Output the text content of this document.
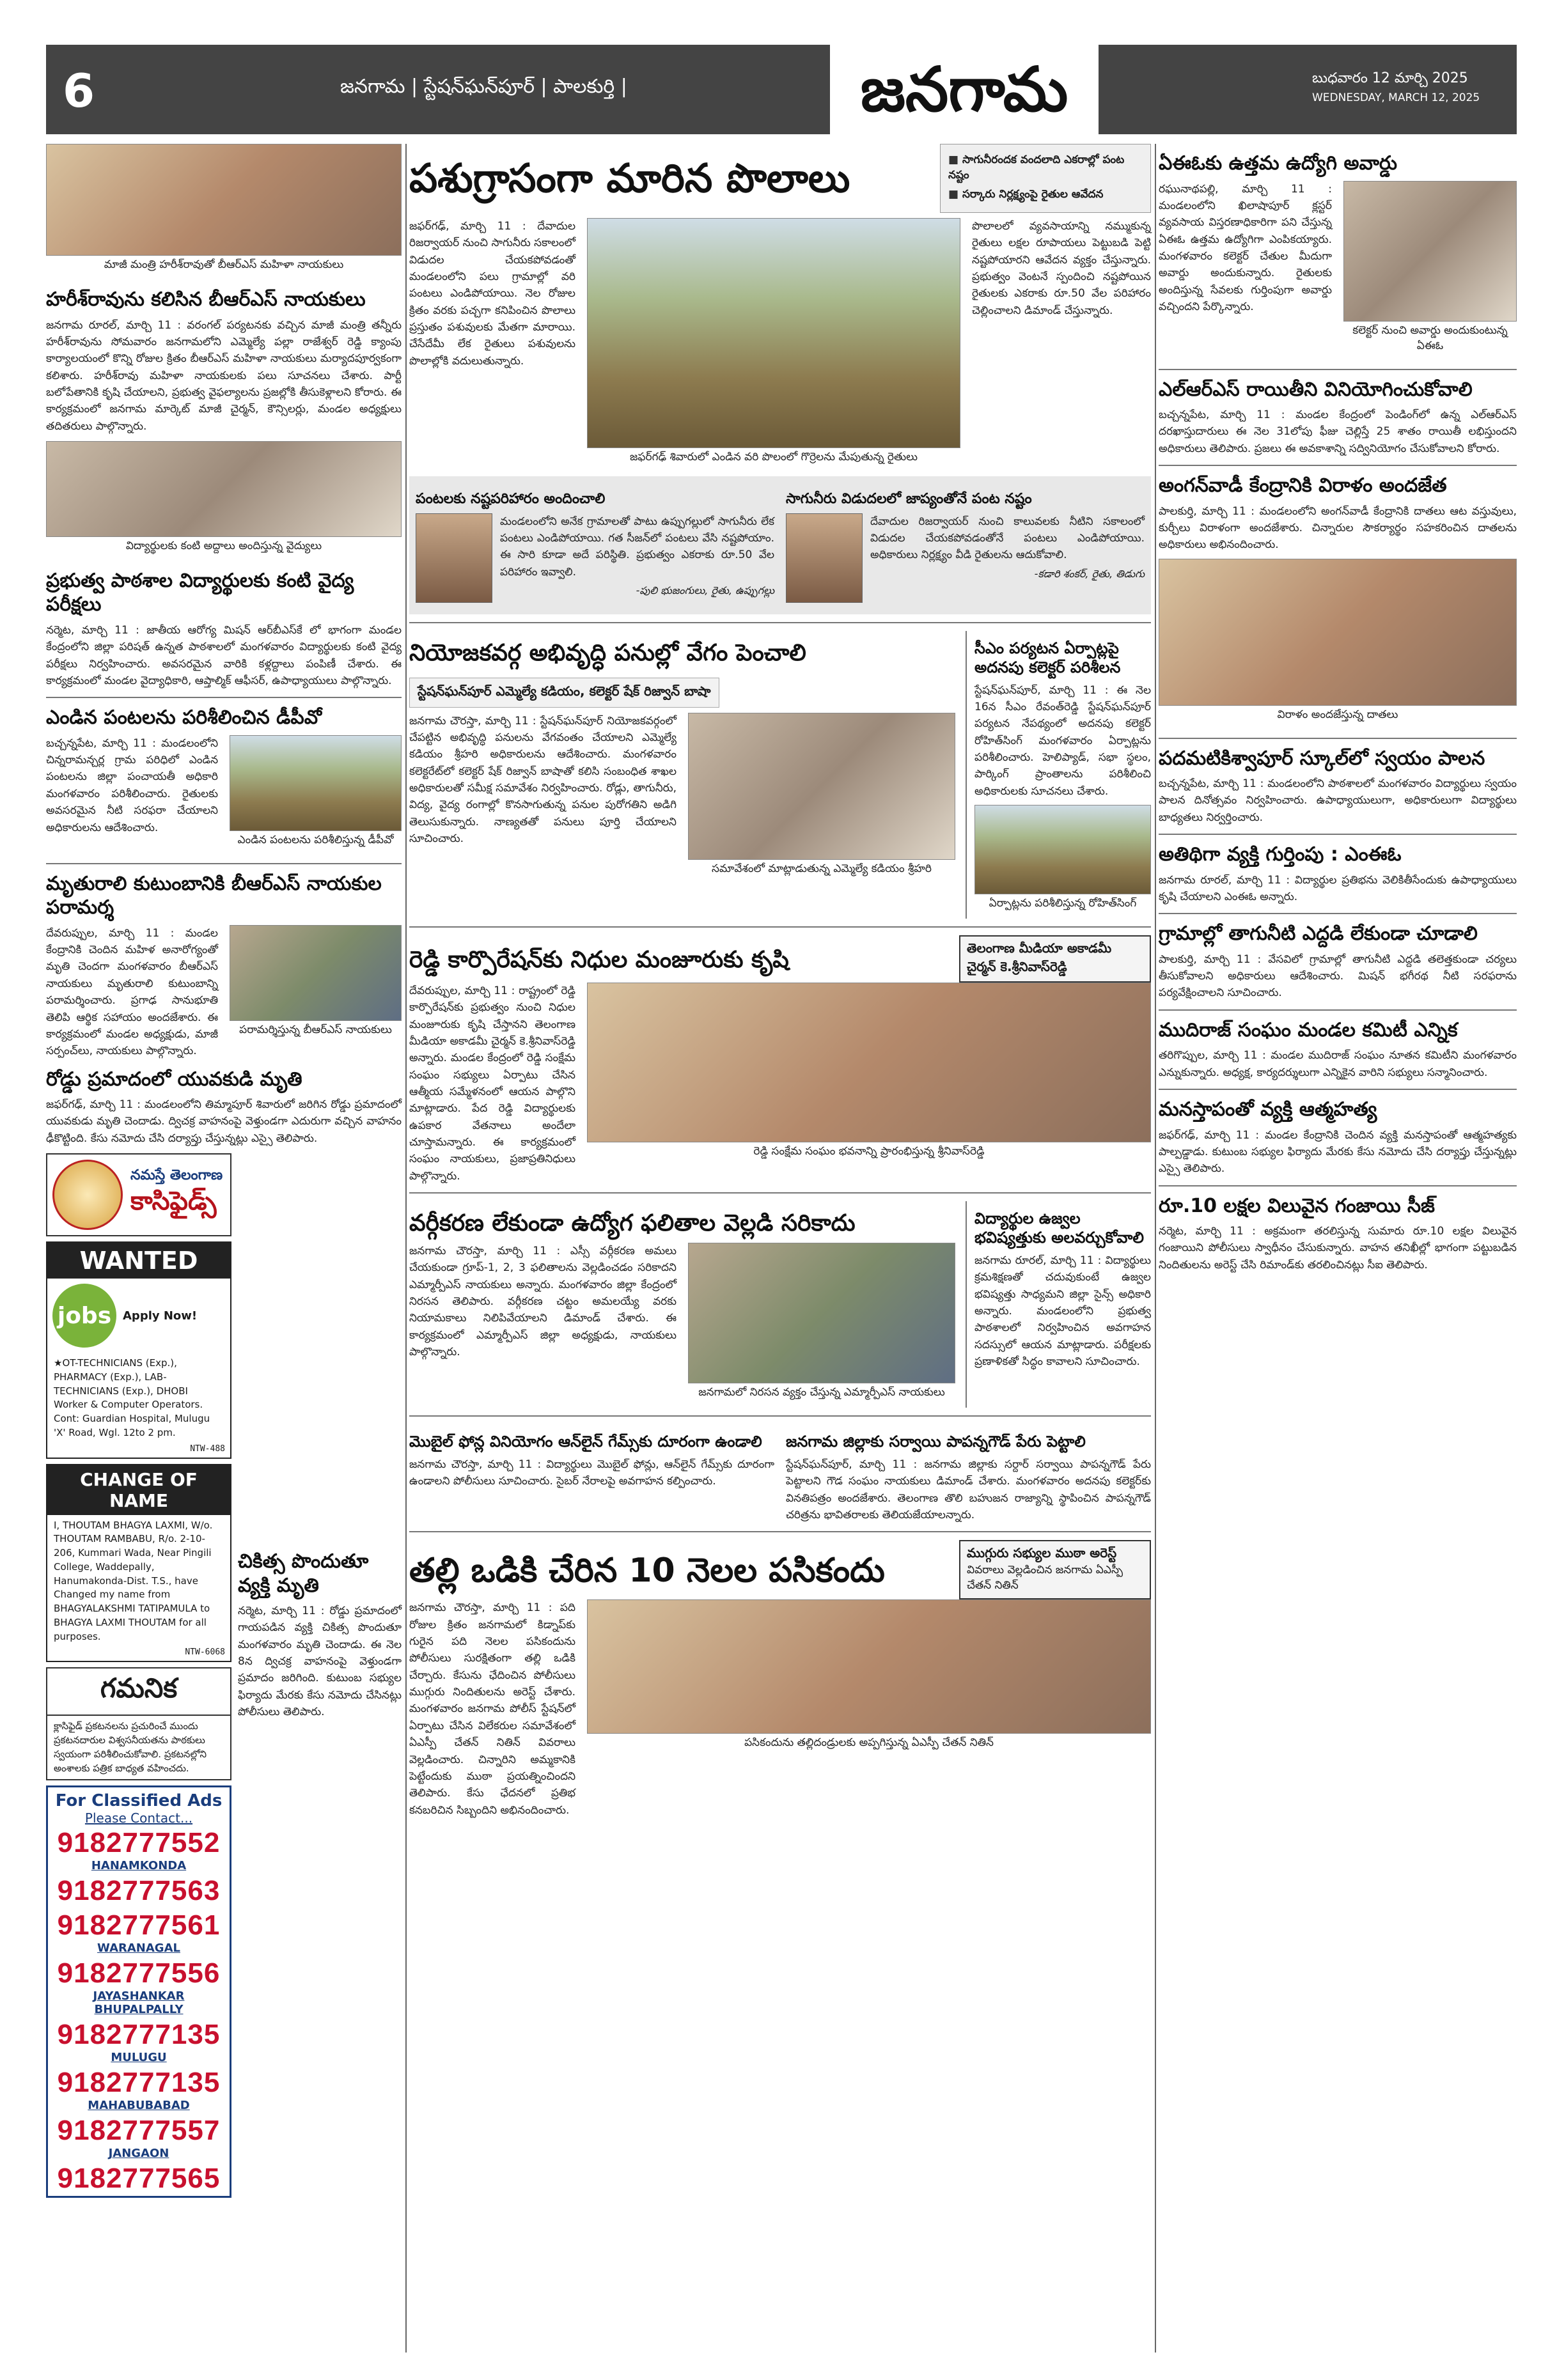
6	జనగామ | స్టేషన్‌ఘన్‌పూర్ | పాలకుర్తి |	జనగామ	బుధవారం 12 మార్చి 2025
WEDNESDAY, MARCH 12, 2025
మాజీ మంత్రి హరీశ్‌రావుతో బీఆర్‌ఎస్ మహిళా నాయకులు
హరీశ్‌రావును కలిసిన బీఆర్‌ఎస్ నాయకులు
జనగామ రూరల్, మార్చి 11 : వరంగల్ పర్యటనకు వచ్చిన మాజీ మంత్రి తన్నీరు హరీశ్‌రావును సోమవారం జనగామలోని ఎమ్మెల్యే పల్లా రాజేశ్వర్ రెడ్డి క్యాంపు కార్యాలయంలో కొన్ని రోజుల క్రితం బీఆర్‌ఎస్ మహిళా నాయకులు మర్యాదపూర్వకంగా కలిశారు. హరీశ్‌రావు మహిళా నాయకులకు పలు సూచనలు చేశారు. పార్టీ బలోపేతానికి కృషి చేయాలని, ప్రభుత్వ వైఫల్యాలను ప్రజల్లోకి తీసుకెళ్లాలని కోరారు. ఈ కార్యక్రమంలో జనగామ మార్కెట్ మాజీ చైర్మన్, కౌన్సిలర్లు, మండల అధ్యక్షులు తదితరులు పాల్గొన్నారు.
విద్యార్థులకు కంటి అద్దాలు అందిస్తున్న వైద్యులు
ప్రభుత్వ పాఠశాల విద్యార్థులకు కంటి వైద్య పరీక్షలు
నర్మెట, మార్చి 11 : జాతీయ ఆరోగ్య మిషన్ ఆర్‌బీఎస్‌కే లో భాగంగా మండల కేంద్రంలోని జిల్లా పరిషత్ ఉన్నత పాఠశాలలో మంగళవారం విద్యార్థులకు కంటి వైద్య పరీక్షలు నిర్వహించారు. అవసరమైన వారికి కళ్లద్దాలు పంపిణీ చేశారు. ఈ కార్యక్రమంలో మండల వైద్యాధికారి, ఆప్తాల్మిక్ ఆఫీసర్, ఉపాధ్యాయులు పాల్గొన్నారు.
ఎండిన పంటలను పరిశీలించిన డీపీవో
బచ్చన్నపేట, మార్చి 11 : మండలంలోని చిన్నరామన్చర్ల గ్రామ పరిధిలో ఎండిన పంటలను జిల్లా పంచాయతీ అధికారి మంగళవారం పరిశీలించారు. రైతులకు అవసరమైన నీటి సరఫరా చేయాలని అధికారులను ఆదేశించారు.
ఎండిన పంటలను పరిశీలిస్తున్న డీపీవో
మృతురాలి కుటుంబానికి బీఆర్‌ఎస్ నాయకుల పరామర్శ
దేవరుప్పుల, మార్చి 11 : మండల కేంద్రానికి చెందిన మహిళ అనారోగ్యంతో మృతి చెందగా మంగళవారం బీఆర్‌ఎస్ నాయకులు మృతురాలి కుటుంబాన్ని పరామర్శించారు. ప్రగాఢ సానుభూతి తెలిపి ఆర్థిక సహాయం అందజేశారు. ఈ కార్యక్రమంలో మండల అధ్యక్షుడు, మాజీ సర్పంచ్‌లు, నాయకులు పాల్గొన్నారు.
పరామర్శిస్తున్న బీఆర్‌ఎస్ నాయకులు
రోడ్డు ప్రమాదంలో యువకుడి మృతి
జఫర్‌గఢ్, మార్చి 11 : మండలంలోని తిమ్మాపూర్ శివారులో జరిగిన రోడ్డు ప్రమాదంలో యువకుడు మృతి చెందాడు. ద్విచక్ర వాహనంపై వెళ్తుండగా ఎదురుగా వచ్చిన వాహనం ఢీకొట్టింది. కేసు నమోదు చేసి దర్యాప్తు చేస్తున్నట్లు ఎస్సై తెలిపారు.
నమస్తే తెలంగాణ
కాసిఫైడ్స్
WANTED
jobs Apply Now!
★OT-TECHNICIANS (Exp.), PHARMACY (Exp.), LAB-TECHNICIANS (Exp.), DHOBI Worker & Computer Operators. Cont: Guardian Hospital, Mulugu 'X' Road, Wgl. 12to 2 pm.
NTW-488
CHANGE OF NAME
I, THOUTAM BHAGYA LAXMI, W/o. THOUTAM RAMBABU, R/o. 2-10-206, Kummari Wada, Near Pingili College, Waddepally, Hanumakonda-Dist. T.S., have Changed my name from BHAGYALAKSHMI TATIPAMULA to BHAGYA LAXMI THOUTAM for all purposes.
NTW-6068
గమనిక
క్లాసిఫైడ్ ప్రకటనలను ప్రచురించే ముందు ప్రకటనదారుల విశ్వసనీయతను పాఠకులు స్వయంగా పరిశీలించుకోవాలి. ప్రకటనల్లోని అంశాలకు పత్రిక బాధ్యత వహించదు.
For Classified Ads
Please Contact...
9182777552
HANAMKONDA
9182777563
9182777561
WARANAGAL
9182777556
JAYASHANKAR BHUPALPALLY
9182777135
MULUGU
9182777135
MAHABUBABAD
9182777557
JANGAON
9182777565
చికిత్స పొందుతూ వ్యక్తి మృతి
నర్మెట, మార్చి 11 : రోడ్డు ప్రమాదంలో గాయపడిన వ్యక్తి చికిత్స పొందుతూ మంగళవారం మృతి చెందాడు. ఈ నెల 8న ద్విచక్ర వాహనంపై వెళ్తుండగా ప్రమాదం జరిగింది. కుటుంబ సభ్యుల ఫిర్యాదు మేరకు కేసు నమోదు చేసినట్లు పోలీసులు తెలిపారు.
పశుగ్రాసంగా మారిన పొలాలు
■	సాగునీరందక వందలాది ఎకరాల్లో పంట నష్టం
■ సర్కారు నిర్లక్ష్యంపై రైతుల ఆవేదన
జఫర్‌గఢ్, మార్చి 11 : దేవాదుల రిజర్వాయర్ నుంచి సాగునీరు సకాలంలో విడుదల చేయకపోవడంతో మండలంలోని పలు గ్రామాల్లో వరి పంటలు ఎండిపోయాయి. నెల రోజుల క్రితం వరకు పచ్చగా కనిపించిన పొలాలు ప్రస్తుతం పశువులకు మేతగా మారాయి. చేసేదేమీ లేక రైతులు పశువులను పొలాల్లోకి వదులుతున్నారు.
జఫర్‌గఢ్ శివారులో ఎండిన వరి పొలంలో గొర్రెలను మేపుతున్న రైతులు
పొలాలలో వ్యవసాయాన్ని నమ్ముకున్న రైతులు లక్షల రూపాయలు పెట్టుబడి పెట్టి నష్టపోయారని ఆవేదన వ్యక్తం చేస్తున్నారు. ప్రభుత్వం వెంటనే స్పందించి నష్టపోయిన రైతులకు ఎకరాకు రూ.50 వేల పరిహారం చెల్లించాలని డిమాండ్ చేస్తున్నారు.
పంటలకు నష్టపరిహారం అందించాలి
మండలంలోని అనేక గ్రామాలతో పాటు ఉప్పుగల్లులో సాగునీరు లేక పంటలు ఎండిపోయాయి. గత సీజన్‌లో పంటలు వేసి నష్టపోయాం. ఈ సారి కూడా అదే పరిస్థితి. ప్రభుత్వం ఎకరాకు రూ.50 వేల పరిహారం ఇవ్వాలి.
-పులి భుజంగులు, రైతు, ఉప్పుగల్లు
సాగునీరు విడుదలలో జాప్యంతోనే పంట నష్టం
దేవాదుల రిజర్వాయర్ నుంచి కాలువలకు నీటిని సకాలంలో విడుదల చేయకపోవడంతోనే పంటలు ఎండిపోయాయి. అధికారులు నిర్లక్ష్యం వీడి రైతులను ఆదుకోవాలి.
-కడారి శంకర్, రైతు, తిడుగు
నియోజకవర్గ అభివృద్ధి పనుల్లో వేగం పెంచాలి
స్టేషన్‌ఘన్‌పూర్ ఎమ్మెల్యే కడియం, కలెక్టర్ షేక్ రిజ్వాన్ బాషా
జనగామ చౌరస్తా, మార్చి 11 : స్టేషన్‌ఘన్‌పూర్ నియోజకవర్గంలో చేపట్టిన అభివృద్ధి పనులను వేగవంతం చేయాలని ఎమ్మెల్యే కడియం శ్రీహరి అధికారులను ఆదేశించారు. మంగళవారం కలెక్టరేట్‌లో కలెక్టర్ షేక్ రిజ్వాన్ బాషాతో కలిసి సంబంధిత శాఖల అధికారులతో సమీక్ష సమావేశం నిర్వహించారు. రోడ్లు, తాగునీరు, విద్య, వైద్య రంగాల్లో కొనసాగుతున్న పనుల పురోగతిని అడిగి తెలుసుకున్నారు. నాణ్యతతో పనులు పూర్తి చేయాలని సూచించారు.
సమావేశంలో మాట్లాడుతున్న ఎమ్మెల్యే కడియం శ్రీహరి
సీఎం పర్యటన ఏర్పాట్లపై అదనపు కలెక్టర్ పరిశీలన
స్టేషన్‌ఘన్‌పూర్, మార్చి 11 : ఈ నెల 16న సీఎం రేవంత్‌రెడ్డి స్టేషన్‌ఘన్‌పూర్ పర్యటన నేపథ్యంలో అదనపు కలెక్టర్ రోహిత్‌సింగ్ మంగళవారం ఏర్పాట్లను పరిశీలించారు. హెలిప్యాడ్, సభా స్థలం, పార్కింగ్ ప్రాంతాలను పరిశీలించి అధికారులకు సూచనలు చేశారు.
ఏర్పాట్లను పరిశీలిస్తున్న రోహిత్‌సింగ్
రెడ్డి కార్పొరేషన్‌కు నిధుల మంజూరుకు కృషి	తెలంగాణ మీడియా అకాడమీ చైర్మన్ కె.శ్రీనివాస్‌రెడ్డి
దేవరుప్పుల, మార్చి 11 : రాష్ట్రంలో రెడ్డి కార్పొరేషన్‌కు ప్రభుత్వం నుంచి నిధుల మంజూరుకు కృషి చేస్తానని తెలంగాణ మీడియా అకాడమీ చైర్మన్ కె.శ్రీనివాస్‌రెడ్డి అన్నారు. మండల కేంద్రంలో రెడ్డి సంక్షేమ సంఘం సభ్యులు ఏర్పాటు చేసిన ఆత్మీయ సమ్మేళనంలో ఆయన పాల్గొని మాట్లాడారు. పేద రెడ్డి విద్యార్థులకు ఉపకార వేతనాలు అందేలా చూస్తామన్నారు. ఈ కార్యక్రమంలో సంఘం నాయకులు, ప్రజాప్రతినిధులు పాల్గొన్నారు.
రెడ్డి సంక్షేమ సంఘం భవనాన్ని ప్రారంభిస్తున్న శ్రీనివాస్‌రెడ్డి
వర్గీకరణ లేకుండా ఉద్యోగ ఫలితాల వెల్లడి సరికాదు
జనగామ చౌరస్తా, మార్చి 11 : ఎస్సీ వర్గీకరణ అమలు చేయకుండా గ్రూప్-1, 2, 3 ఫలితాలను వెల్లడించడం సరికాదని ఎమ్మార్పీఎస్ నాయకులు అన్నారు. మంగళవారం జిల్లా కేంద్రంలో నిరసన తెలిపారు. వర్గీకరణ చట్టం అమలయ్యే వరకు నియామకాలు నిలిపివేయాలని డిమాండ్ చేశారు. ఈ కార్యక్రమంలో ఎమ్మార్పీఎస్ జిల్లా అధ్యక్షుడు, నాయకులు పాల్గొన్నారు.
జనగామలో నిరసన వ్యక్తం చేస్తున్న ఎమ్మార్పీఎస్ నాయకులు
విద్యార్థుల ఉజ్వల భవిష్యత్తుకు అలవర్చుకోవాలి
జనగామ రూరల్, మార్చి 11 : విద్యార్థులు క్రమశిక్షణతో చదువుకుంటే ఉజ్వల భవిష్యత్తు సాధ్యమని జిల్లా సైన్స్ అధికారి అన్నారు. మండలంలోని ప్రభుత్వ పాఠశాలలో నిర్వహించిన అవగాహన సదస్సులో ఆయన మాట్లాడారు. పరీక్షలకు ప్రణాళికతో సిద్ధం కావాలని సూచించారు.
మొబైల్ ఫోన్ల వినియోగం ఆన్‌లైన్ గేమ్స్‌కు దూరంగా ఉండాలి
జనగామ చౌరస్తా, మార్చి 11 : విద్యార్థులు మొబైల్ ఫోన్లు, ఆన్‌లైన్ గేమ్స్‌కు దూరంగా ఉండాలని పోలీసులు సూచించారు. సైబర్ నేరాలపై అవగాహన కల్పించారు.
జనగామ జిల్లాకు సర్వాయి పాపన్నగౌడ్ పేరు పెట్టాలి
స్టేషన్‌ఘన్‌పూర్, మార్చి 11 : జనగామ జిల్లాకు సర్దార్ సర్వాయి పాపన్నగౌడ్ పేరు పెట్టాలని గౌడ సంఘం నాయకులు డిమాండ్ చేశారు. మంగళవారం అదనపు కలెక్టర్‌కు వినతిపత్రం అందజేశారు. తెలంగాణ తొలి బహుజన రాజ్యాన్ని స్థాపించిన పాపన్నగౌడ్ చరిత్రను భావితరాలకు తెలియజేయాలన్నారు.
తల్లి ఒడికి చేరిన 10 నెలల పసికందు	ముగ్గురు సభ్యుల ముఠా అరెస్ట్
వివరాలు వెల్లడించిన జనగామ ఏఎస్పీ చేతన్ నితిన్
జనగామ చౌరస్తా, మార్చి 11 : పది రోజుల క్రితం జనగామలో కిడ్నాప్‌కు గురైన పది నెలల పసికందును పోలీసులు సురక్షితంగా తల్లి ఒడికి చేర్చారు. కేసును ఛేదించిన పోలీసులు ముగ్గురు నిందితులను అరెస్ట్ చేశారు. మంగళవారం జనగామ పోలీస్ స్టేషన్‌లో ఏర్పాటు చేసిన విలేకరుల సమావేశంలో ఏఎస్పీ చేతన్ నితిన్ వివరాలు వెల్లడించారు. చిన్నారిని అమ్మకానికి పెట్టేందుకు ముఠా ప్రయత్నించిందని తెలిపారు. కేసు ఛేదనలో ప్రతిభ కనబరిచిన సిబ్బందిని అభినందించారు.
పసికందును తల్లిదండ్రులకు అప్పగిస్తున్న ఏఎస్పీ చేతన్ నితిన్
ఏఈఓకు ఉత్తమ ఉద్యోగి అవార్డు
రఘునాథపల్లి, మార్చి 11 : మండలంలోని ఖిలాషాపూర్ క్లస్టర్ వ్యవసాయ విస్తరణాధికారిగా పని చేస్తున్న ఏఈఓ ఉత్తమ ఉద్యోగిగా ఎంపికయ్యారు. మంగళవారం కలెక్టర్ చేతుల మీదుగా అవార్డు అందుకున్నారు. రైతులకు అందిస్తున్న సేవలకు గుర్తింపుగా అవార్డు వచ్చిందని పేర్కొన్నారు.
కలెక్టర్ నుంచి అవార్డు అందుకుంటున్న ఏఈఓ
ఎల్‌ఆర్‌ఎస్ రాయితీని వినియోగించుకోవాలి
బచ్చన్నపేట, మార్చి 11 : మండల కేంద్రంలో పెండింగ్‌లో ఉన్న ఎల్‌ఆర్‌ఎస్ దరఖాస్తుదారులు ఈ నెల 31లోపు ఫీజు చెల్లిస్తే 25 శాతం రాయితీ లభిస్తుందని అధికారులు తెలిపారు. ప్రజలు ఈ అవకాశాన్ని సద్వినియోగం చేసుకోవాలని కోరారు.
అంగన్‌వాడీ కేంద్రానికి విరాళం అందజేత
పాలకుర్తి, మార్చి 11 : మండలంలోని అంగన్‌వాడీ కేంద్రానికి దాతలు ఆట వస్తువులు, కుర్చీలు విరాళంగా అందజేశారు. చిన్నారుల సౌకర్యార్థం సహకరించిన దాతలను అధికారులు అభినందించారు.
విరాళం అందజేస్తున్న దాతలు
పదమటికిశ్వాపూర్ స్కూల్‌లో స్వయం పాలన
బచ్చన్నపేట, మార్చి 11 : మండలంలోని పాఠశాలలో మంగళవారం విద్యార్థులు స్వయం పాలన దినోత్సవం నిర్వహించారు. ఉపాధ్యాయులుగా, అధికారులుగా విద్యార్థులు బాధ్యతలు నిర్వర్తించారు.
అతిథిగా వ్యక్తి గుర్తింపు : ఎంఈఓ
జనగామ రూరల్, మార్చి 11 : విద్యార్థుల ప్రతిభను వెలికితీసేందుకు ఉపాధ్యాయులు కృషి చేయాలని ఎంఈఓ అన్నారు.
గ్రామాల్లో తాగునీటి ఎద్దడి లేకుండా చూడాలి
పాలకుర్తి, మార్చి 11 : వేసవిలో గ్రామాల్లో తాగునీటి ఎద్దడి తలెత్తకుండా చర్యలు తీసుకోవాలని అధికారులు ఆదేశించారు. మిషన్ భగీరథ నీటి సరఫరాను పర్యవేక్షించాలని సూచించారు.
ముదిరాజ్ సంఘం మండల కమిటీ ఎన్నిక
తరిగొప్పుల, మార్చి 11 : మండల ముదిరాజ్ సంఘం నూతన కమిటీని మంగళవారం ఎన్నుకున్నారు. అధ్యక్ష, కార్యదర్శులుగా ఎన్నికైన వారిని సభ్యులు సన్మానించారు.
మనస్తాపంతో వ్యక్తి ఆత్మహత్య
జఫర్‌గఢ్, మార్చి 11 : మండల కేంద్రానికి చెందిన వ్యక్తి మనస్తాపంతో ఆత్మహత్యకు పాల్పడ్డాడు. కుటుంబ సభ్యుల ఫిర్యాదు మేరకు కేసు నమోదు చేసి దర్యాప్తు చేస్తున్నట్లు ఎస్సై తెలిపారు.
రూ.10 లక్షల విలువైన గంజాయి సీజ్
నర్మెట, మార్చి 11 : అక్రమంగా తరలిస్తున్న సుమారు రూ.10 లక్షల విలువైన గంజాయిని పోలీసులు స్వాధీనం చేసుకున్నారు. వాహన తనిఖీల్లో భాగంగా పట్టుబడిన నిందితులను అరెస్ట్ చేసి రిమాండ్‌కు తరలించినట్లు సీఐ తెలిపారు.
